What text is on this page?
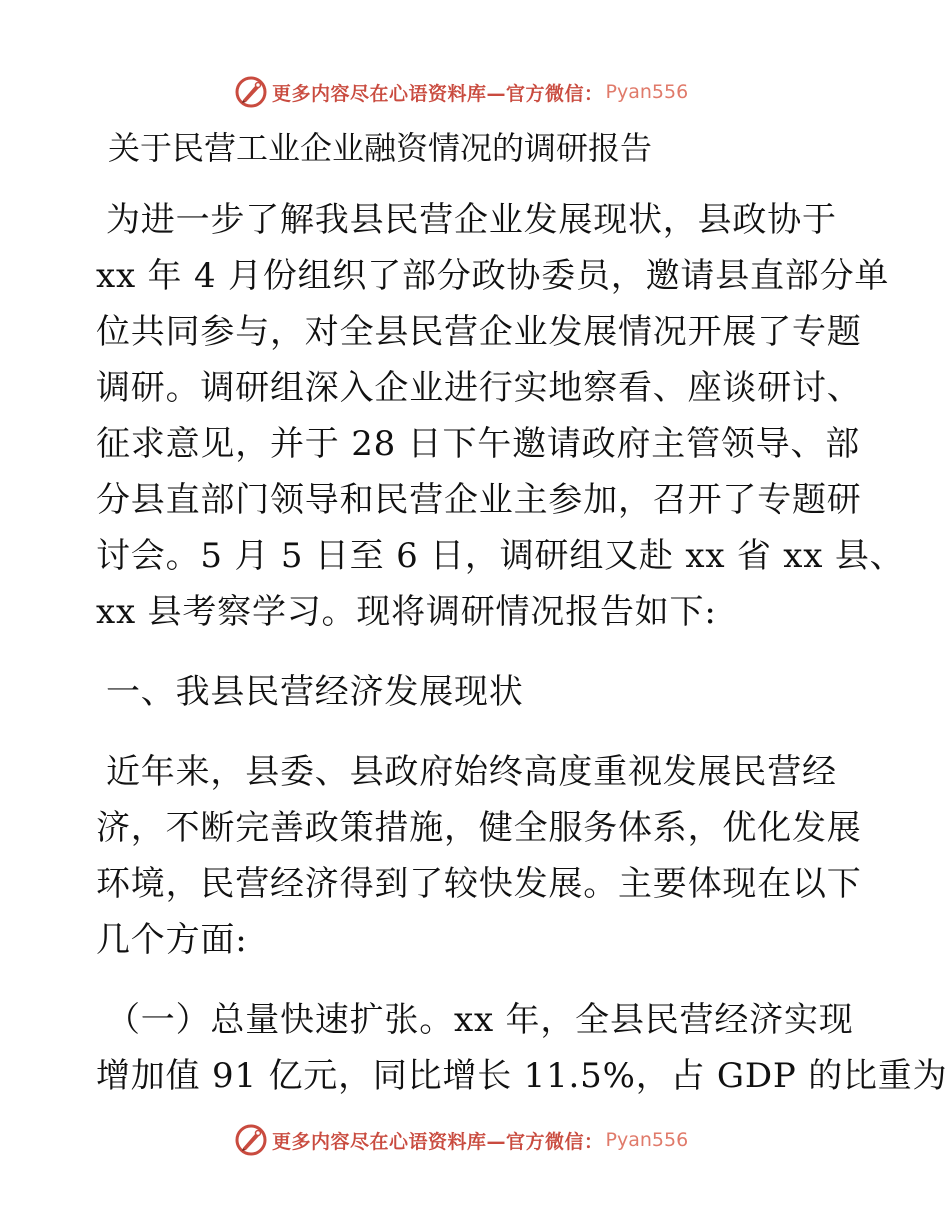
更多内容尽在心语资料库—官方微信： Pyan556
关于民营工业企业融资情况的调研报告
为进一步了解我县民营企业发展现状，县政协于
xx 年 4 月份组织了部分政协委员，邀请县直部分单
位共同参与，对全县民营企业发展情况开展了专题
调研。调研组深入企业进行实地察看、座谈研讨、
征求意见，并于 28 日下午邀请政府主管领导、部
分县直部门领导和民营企业主参加，召开了专题研
讨会。5 月 5 日至 6 日，调研组又赴 xx 省 xx 县、
xx 县考察学习。现将调研情况报告如下:
一、我县民营经济发展现状
近年来，县委、县政府始终高度重视发展民营经
济，不断完善政策措施，健全服务体系，优化发展
环境，民营经济得到了较快发展。主要体现在以下
几个方面:
（一）总量快速扩张。xx 年，全县民营经济实现
增加值 91 亿元，同比增长 11.5%，占 GDP 的比重为
更多内容尽在心语资料库—官方微信： Pyan556
